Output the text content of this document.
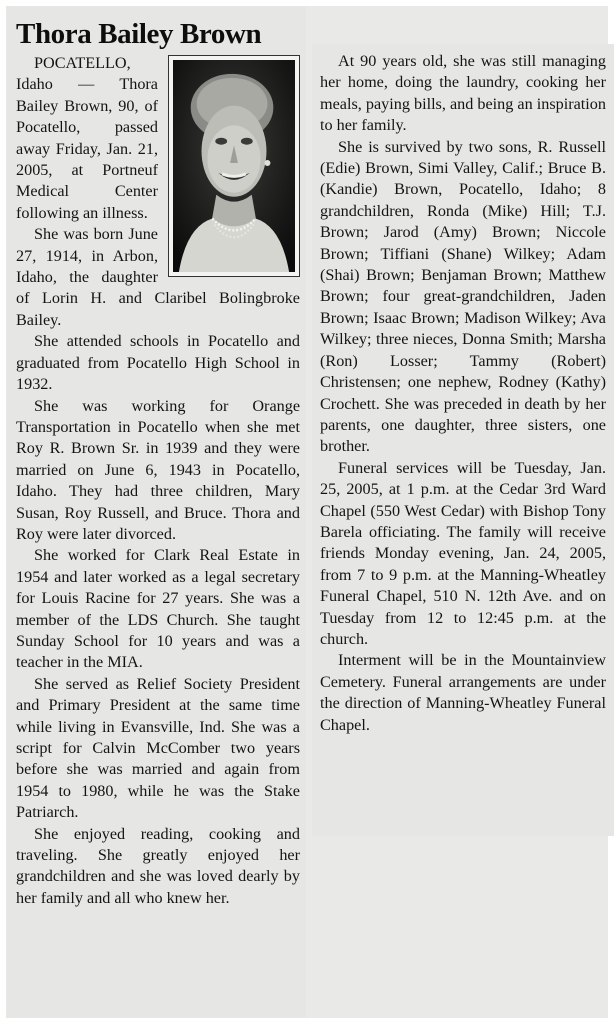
Thora Bailey Brown

POCATELLO, Idaho — Thora Bailey Brown, 90, of Pocatello, passed away Friday, Jan. 21, 2005, at Portneuf Medical Center following an illness.

She was born June 27, 1914, in Arbon, Idaho, the daughter of Lorin H. and Claribel Bolingbroke Bailey.

She attended schools in Pocatello and graduated from Pocatello High School in 1932.

She was working for Orange Transportation in Pocatello when she met Roy R. Brown Sr. in 1939 and they were married on June 6, 1943 in Pocatello, Idaho. They had three children, Mary Susan, Roy Russell, and Bruce. Thora and Roy were later divorced.

She worked for Clark Real Estate in 1954 and later worked as a legal secretary for Louis Racine for 27 years. She was a member of the LDS Church. She taught Sunday School for 10 years and was a teacher in the MIA.

She served as Relief Society President and Primary President at the same time while living in Evansville, Ind. She was a script for Calvin McComber two years before she was married and again from 1954 to 1980, while he was the Stake Patriarch.

She enjoyed reading, cooking and traveling. She greatly enjoyed her grandchildren and she was loved dearly by her family and all who knew her.

At 90 years old, she was still managing her home, doing the laundry, cooking her meals, paying bills, and being an inspiration to her family.

She is survived by two sons, R. Russell (Edie) Brown, Simi Valley, Calif.; Bruce B. (Kandie) Brown, Pocatello, Idaho; 8 grandchildren, Ronda (Mike) Hill; T.J. Brown; Jarod (Amy) Brown; Niccole Brown; Tiffiani (Shane) Wilkey; Adam (Shai) Brown; Benjaman Brown; Matthew Brown; four great-grandchildren, Jaden Brown; Isaac Brown; Madison Wilkey; Ava Wilkey; three nieces, Donna Smith; Marsha (Ron) Losser; Tammy (Robert) Christensen; one nephew, Rodney (Kathy) Crochett. She was preceded in death by her parents, one daughter, three sisters, one brother.

Funeral services will be Tuesday, Jan. 25, 2005, at 1 p.m. at the Cedar 3rd Ward Chapel (550 West Cedar) with Bishop Tony Barela officiating. The family will receive friends Monday evening, Jan. 24, 2005, from 7 to 9 p.m. at the Manning-Wheatley Funeral Chapel, 510 N. 12th Ave. and on Tuesday from 12 to 12:45 p.m. at the church.

Interment will be in the Mountainview Cemetery. Funeral arrangements are under the direction of Manning-Wheatley Funeral Chapel.
